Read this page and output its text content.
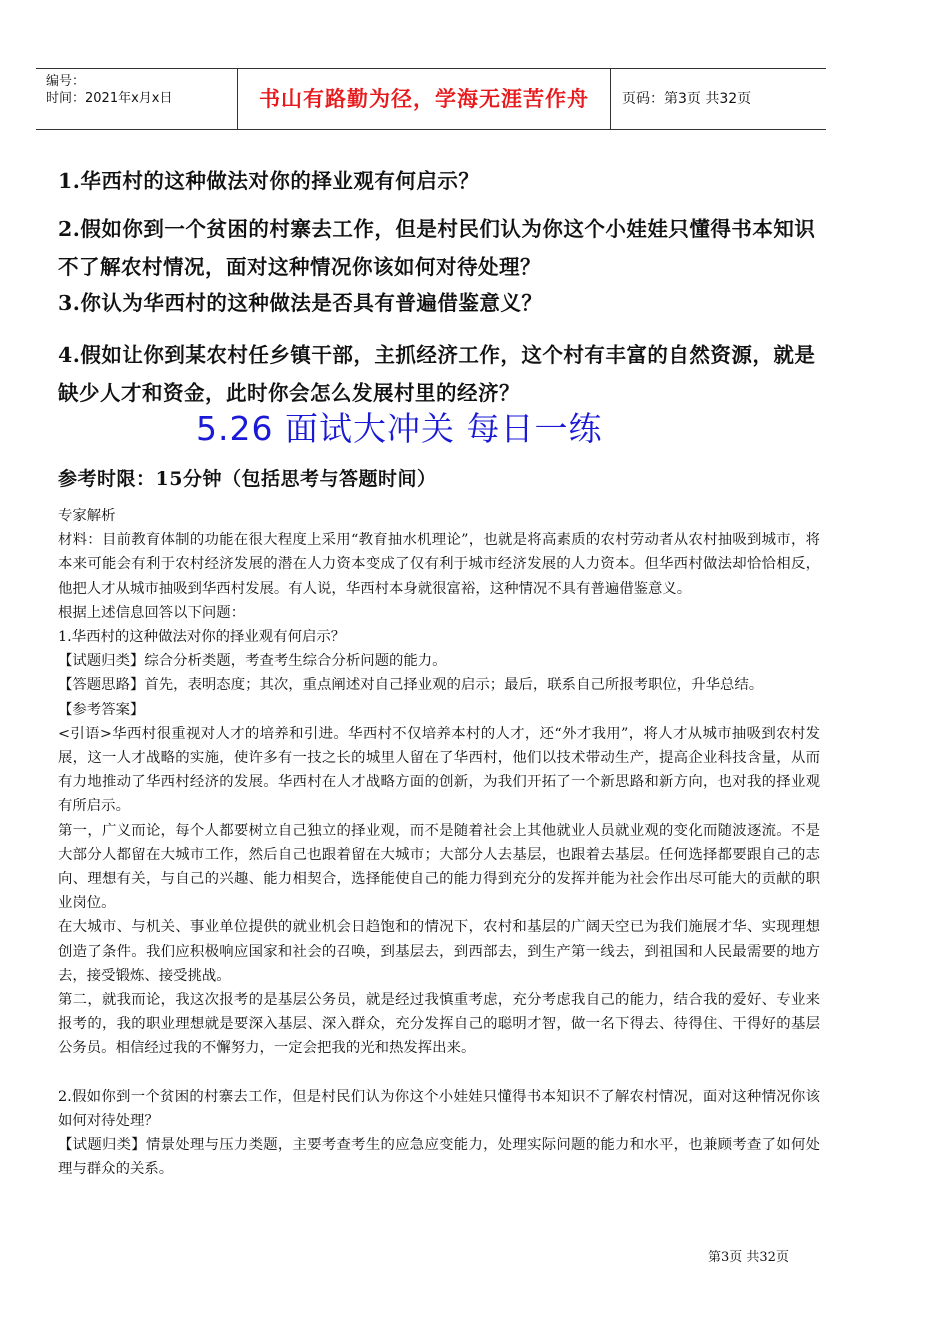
编号：
时间：2021年x月x日	书山有路勤为径，学海无涯苦作舟	页码：第3页 共32页
1.华西村的这种做法对你的择业观有何启示？
2.假如你到一个贫困的村寨去工作，但是村民们认为你这个小娃娃只懂得书本知识不了解农村情况，面对这种情况你该如何对待处理？
3.你认为华西村的这种做法是否具有普遍借鉴意义？
4.假如让你到某农村任乡镇干部，主抓经济工作，这个村有丰富的自然资源，就是缺少人才和资金，此时你会怎么发展村里的经济？
5.26 面试大冲关 每日一练
参考时限：15分钟（包括思考与答题时间）

专家解析

材料：目前教育体制的功能在很大程度上采用“教育抽水机理论”，也就是将高素质的农村劳动者从农村抽吸到城市，将本来可能会有利于农村经济发展的潜在人力资本变成了仅有利于城市经济发展的人力资本。但华西村做法却恰恰相反，他把人才从城市抽吸到华西村发展。有人说，华西村本身就很富裕，这种情况不具有普遍借鉴意义。

根据上述信息回答以下问题：

1.华西村的这种做法对你的择业观有何启示？

【试题归类】综合分析类题，考查考生综合分析问题的能力。

【答题思路】首先，表明态度；其次，重点阐述对自己择业观的启示；最后，联系自己所报考职位，升华总结。

【参考答案】

<引语>华西村很重视对人才的培养和引进。华西村不仅培养本村的人才，还“外才我用”，将人才从城市抽吸到农村发展，这一人才战略的实施，使许多有一技之长的城里人留在了华西村，他们以技术带动生产，提高企业科技含量，从而有力地推动了华西村经济的发展。华西村在人才战略方面的创新，为我们开拓了一个新思路和新方向，也对我的择业观有所启示。

第一，广义而论，每个人都要树立自己独立的择业观，而不是随着社会上其他就业人员就业观的变化而随波逐流。不是大部分人都留在大城市工作，然后自己也跟着留在大城市；大部分人去基层，也跟着去基层。任何选择都要跟自己的志向、理想有关，与自己的兴趣、能力相契合，选择能使自己的能力得到充分的发挥并能为社会作出尽可能大的贡献的职业岗位。

在大城市、与机关、事业单位提供的就业机会日趋饱和的情况下，农村和基层的广阔天空已为我们施展才华、实现理想创造了条件。我们应积极响应国家和社会的召唤，到基层去，到西部去，到生产第一线去，到祖国和人民最需要的地方去，接受锻炼、接受挑战。

第二，就我而论，我这次报考的是基层公务员，就是经过我慎重考虑，充分考虑我自己的能力，结合我的爱好、专业来报考的，我的职业理想就是要深入基层、深入群众，充分发挥自己的聪明才智，做一名下得去、待得住、干得好的基层公务员。相信经过我的不懈努力，一定会把我的光和热发挥出来。

2.假如你到一个贫困的村寨去工作，但是村民们认为你这个小娃娃只懂得书本知识不了解农村情况，面对这种情况你该如何对待处理？

【试题归类】情景处理与压力类题，主要考查考生的应急应变能力，处理实际问题的能力和水平，也兼顾考查了如何处理与群众的关系。

第3页 共32页
